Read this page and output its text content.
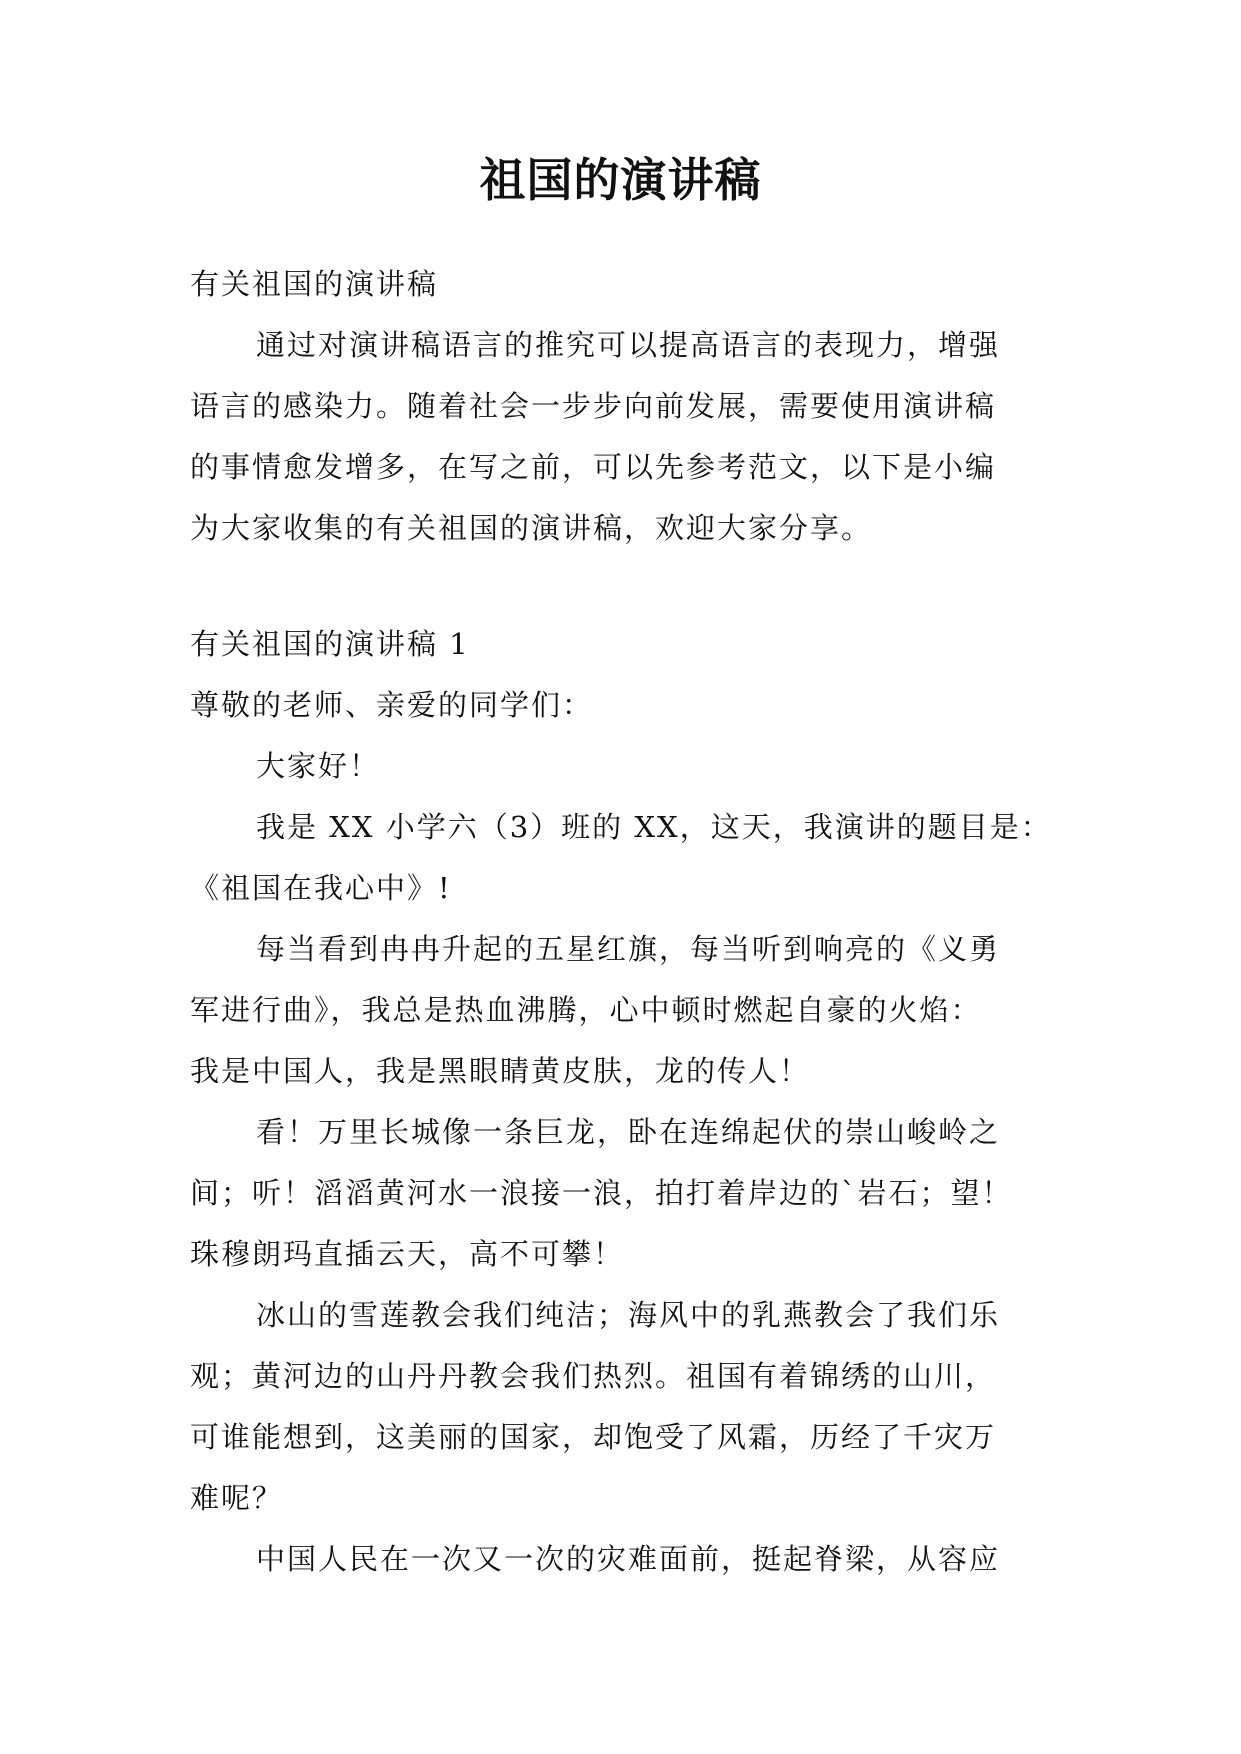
祖国的演讲稿
有关祖国的演讲稿
通过对演讲稿语言的推究可以提高语言的表现力，增强
语言的感染力。随着社会一步步向前发展，需要使用演讲稿
的事情愈发增多，在写之前，可以先参考范文，以下是小编
为大家收集的有关祖国的演讲稿，欢迎大家分享。
有关祖国的演讲稿 1
尊敬的老师、亲爱的同学们：
大家好！
我是 XX 小学六（3）班的 XX，这天，我演讲的题目是：
《祖国在我心中》!
每当看到冉冉升起的五星红旗，每当听到响亮的《义勇
军进行曲》，我总是热血沸腾，心中顿时燃起自豪的火焰：
我是中国人，我是黑眼睛黄皮肤，龙的传人！
看！万里长城像一条巨龙，卧在连绵起伏的崇山峻岭之
间；听！滔滔黄河水一浪接一浪，拍打着岸边的`岩石；望！
珠穆朗玛直插云天，高不可攀！
冰山的雪莲教会我们纯洁；海风中的乳燕教会了我们乐
观；黄河边的山丹丹教会我们热烈。祖国有着锦绣的山川，
可谁能想到，这美丽的国家，却饱受了风霜，历经了千灾万
难呢？
中国人民在一次又一次的灾难面前，挺起脊梁，从容应
